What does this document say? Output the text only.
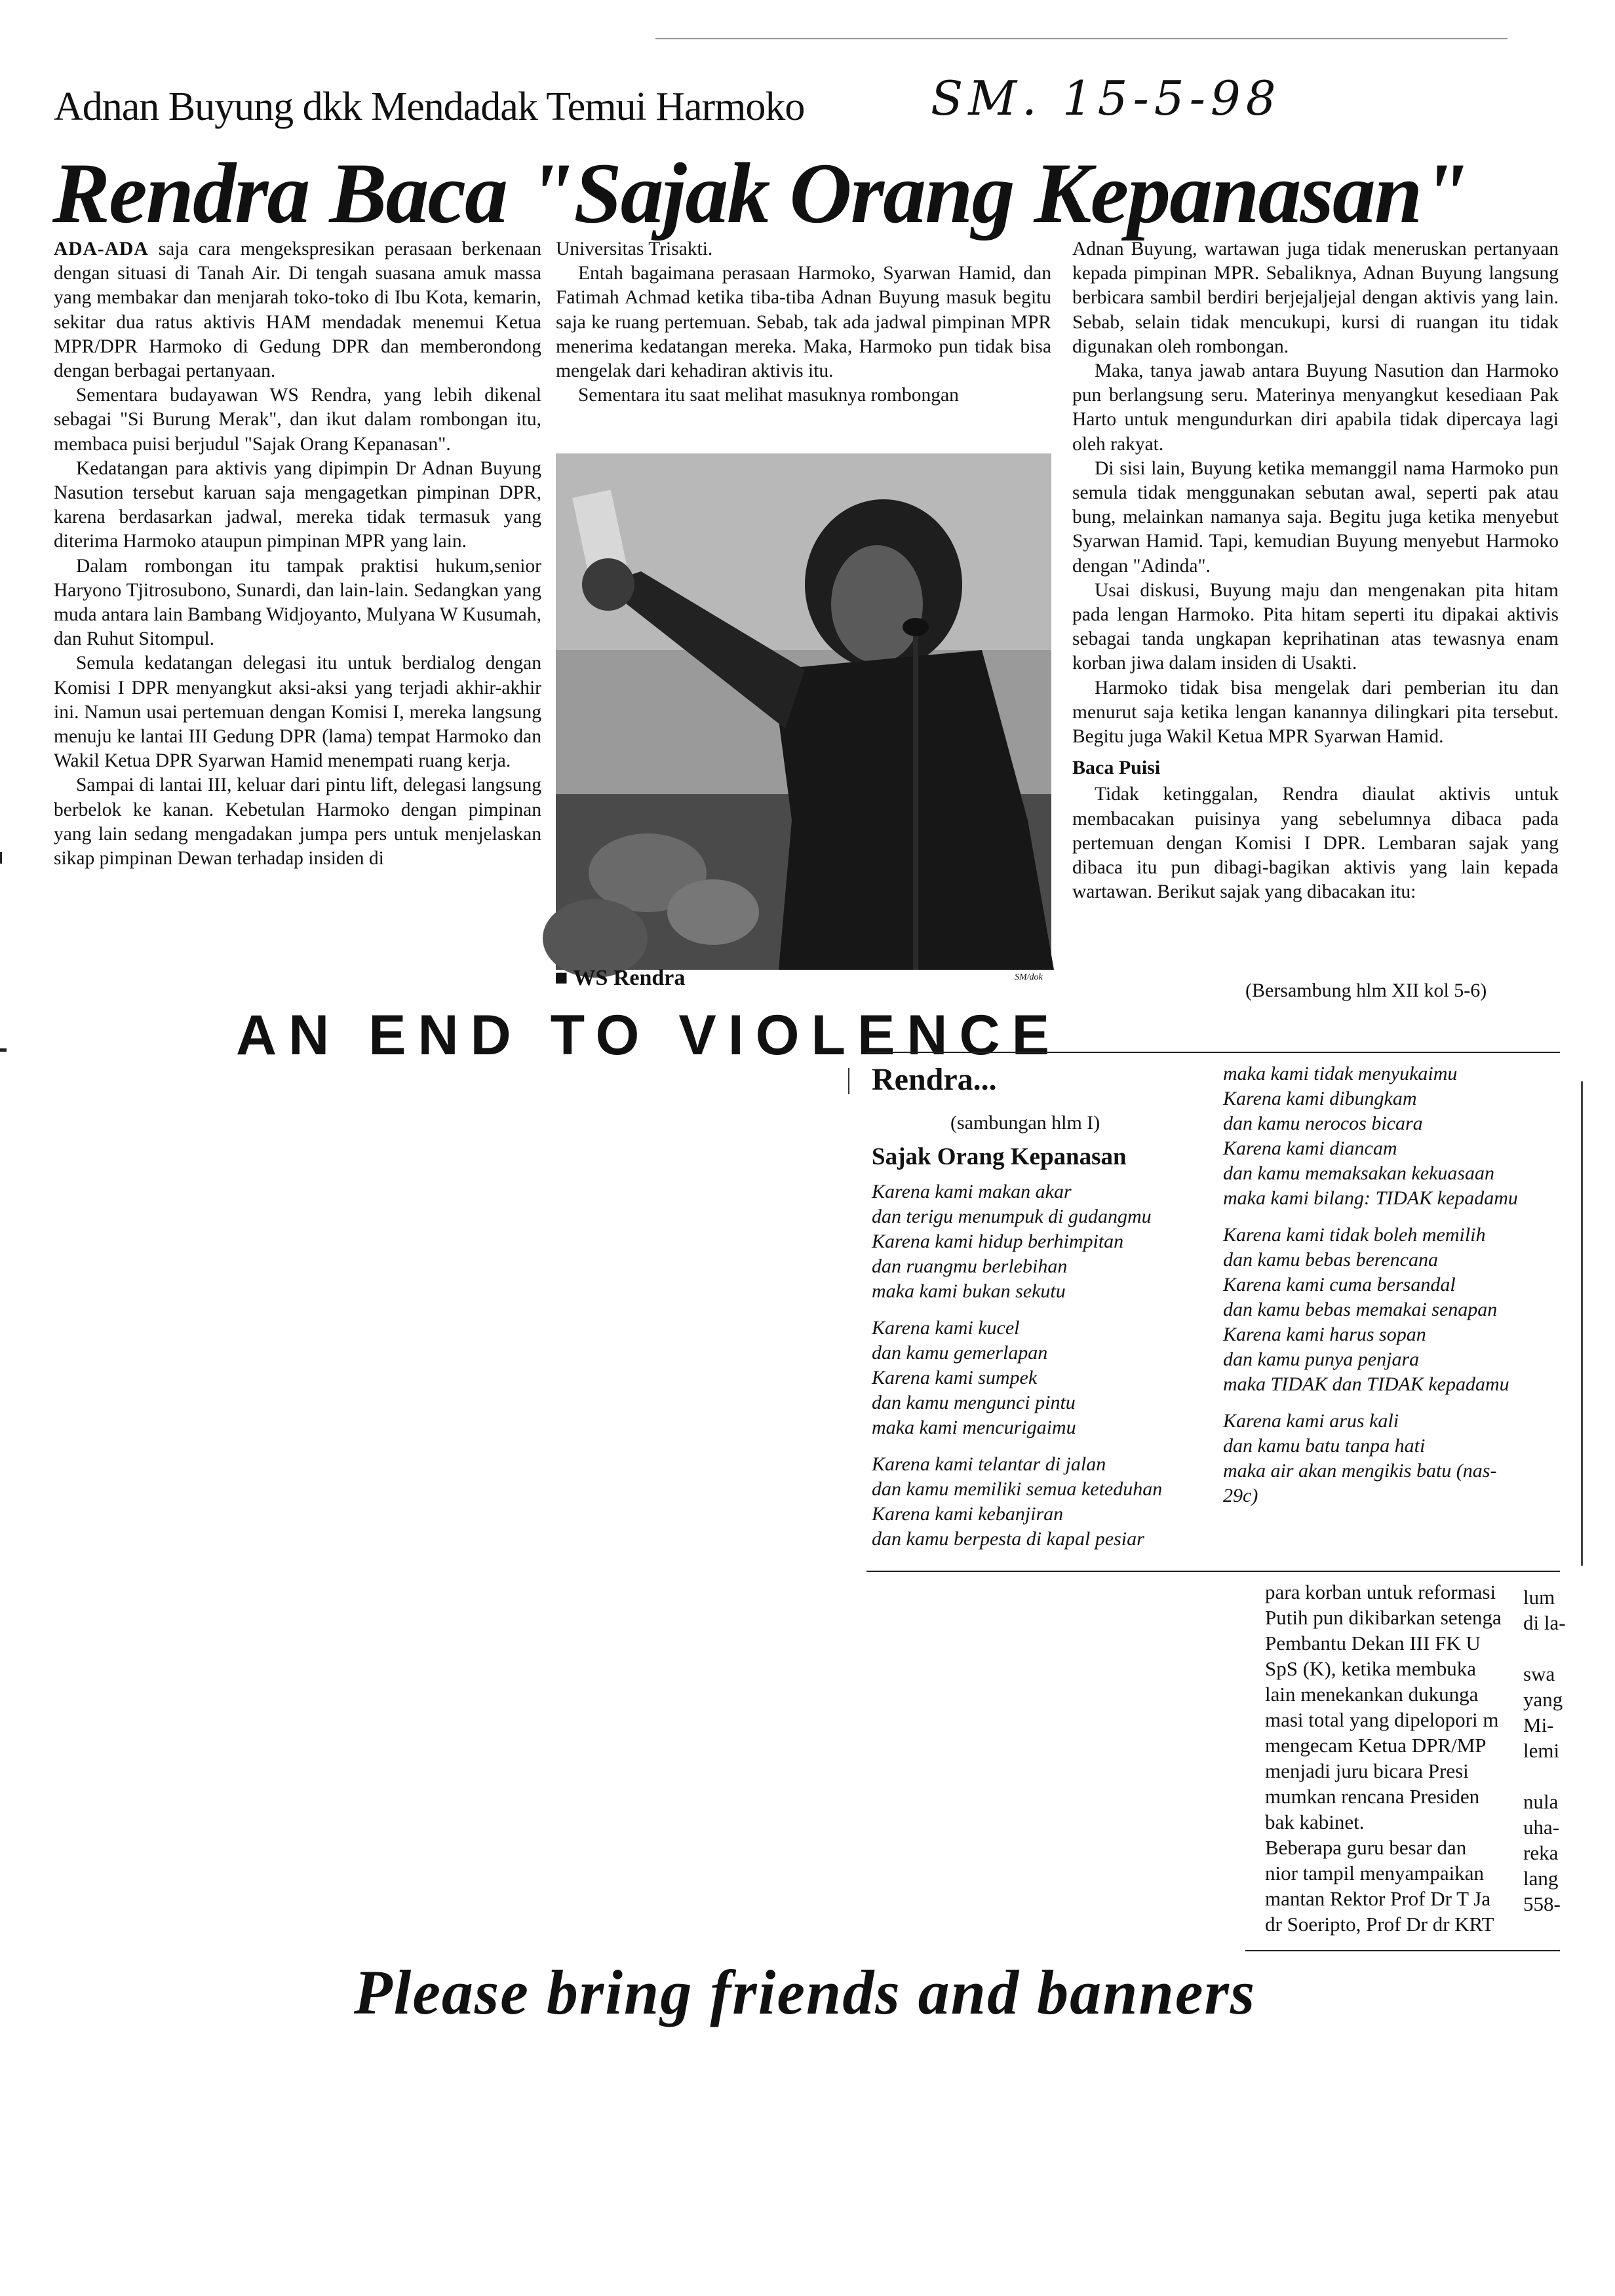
Adnan Buyung dkk Mendadak Temui Harmoko	SM. 15-5-98
Rendra Baca "Sajak Orang Kepanasan"

ADA-ADA saja cara mengekspresikan perasaan berkenaan dengan situasi di Tanah Air. Di tengah suasana amuk massa yang membakar dan menjarah toko-toko di Ibu Kota, kemarin, sekitar dua ratus aktivis HAM mendadak menemui Ketua MPR/DPR Harmoko di Gedung DPR dan memberondong dengan berbagai pertanyaan.

Sementara budayawan WS Rendra, yang lebih dikenal sebagai "Si Burung Merak", dan ikut dalam rombongan itu, membaca puisi berjudul "Sajak Orang Kepanasan".

Kedatangan para aktivis yang dipimpin Dr Adnan Buyung Nasution tersebut karuan saja mengagetkan pimpinan DPR, karena berdasarkan jadwal, mereka tidak termasuk yang diterima Harmoko ataupun pimpinan MPR yang lain.

Dalam rombongan itu tampak praktisi hukum,senior Haryono Tjitrosubono, Sunardi, dan lain-lain. Sedangkan yang muda antara lain Bambang Widjoyanto, Mulyana W Kusumah, dan Ruhut Sitompul.

Semula kedatangan delegasi itu untuk berdialog dengan Komisi I DPR menyangkut aksi-aksi yang terjadi akhir-akhir ini. Namun usai pertemuan dengan Komisi I, mereka langsung menuju ke lantai III Gedung DPR (lama) tempat Harmoko dan Wakil Ketua DPR Syarwan Hamid menempati ruang kerja.

Sampai di lantai III, keluar dari pintu lift, delegasi langsung berbelok ke kanan. Kebetulan Harmoko dengan pimpinan yang lain sedang mengadakan jumpa pers untuk menjelaskan sikap pimpinan Dewan terhadap insiden di

Universitas Trisakti.

Entah bagaimana perasaan Harmoko, Syarwan Hamid, dan Fatimah Achmad ketika tiba-tiba Adnan Buyung masuk begitu saja ke ruang pertemuan. Sebab, tak ada jadwal pimpinan MPR menerima kedatangan mereka. Maka, Harmoko pun tidak bisa mengelak dari kehadiran aktivis itu.

Sementara itu saat melihat masuknya rombongan

■ WS Rendra	SM/dok

Adnan Buyung, wartawan juga tidak meneruskan pertanyaan kepada pimpinan MPR. Sebaliknya, Adnan Buyung langsung berbicara sambil berdiri berjejaljejal dengan aktivis yang lain. Sebab, selain tidak mencukupi, kursi di ruangan itu tidak digunakan oleh rombongan.

Maka, tanya jawab antara Buyung Nasution dan Harmoko pun berlangsung seru. Materinya menyangkut kesediaan Pak Harto untuk mengundurkan diri apabila tidak dipercaya lagi oleh rakyat.

Di sisi lain, Buyung ketika memanggil nama Harmoko pun semula tidak menggunakan sebutan awal, seperti pak atau bung, melainkan namanya saja. Begitu juga ketika menyebut Syarwan Hamid. Tapi, kemudian Buyung menyebut Harmoko dengan "Adinda".

Usai diskusi, Buyung maju dan mengenakan pita hitam pada lengan Harmoko. Pita hitam seperti itu dipakai aktivis sebagai tanda ungkapan keprihatinan atas tewasnya enam korban jiwa dalam insiden di Usakti.

Harmoko tidak bisa mengelak dari pemberian itu dan menurut saja ketika lengan kanannya dilingkari pita tersebut. Begitu juga Wakil Ketua MPR Syarwan Hamid.

Baca Puisi

Tidak ketinggalan, Rendra diaulat aktivis untuk membacakan puisinya yang sebelumnya dibaca pada pertemuan dengan Komisi I DPR. Lembaran sajak yang dibaca itu pun dibagi-bagikan aktivis yang lain kepada wartawan. Berikut sajak yang dibacakan itu:

(Bersambung hlm XII kol 5-6)
AN END TO VIOLENCE
Rendra...
(sambungan hlm I)
Sajak Orang Kepanasan
Karena kami makan akar
dan terigu menumpuk di gudangmu
Karena kami hidup berhimpitan
dan ruangmu berlebihan
maka kami bukan sekutu
Karena kami kucel
dan kamu gemerlapan
Karena kami sumpek
dan kamu mengunci pintu
maka kami mencurigaimu
Karena kami telantar di jalan
dan kamu memiliki semua keteduhan
Karena kami kebanjiran
dan kamu berpesta di kapal pesiar
maka kami tidak menyukaimu
Karena kami dibungkam
dan kamu nerocos bicara
Karena kami diancam
dan kamu memaksakan kekuasaan
maka kami bilang: TIDAK kepadamu
Karena kami tidak boleh memilih
dan kamu bebas berencana
Karena kami cuma bersandal
dan kamu bebas memakai senapan
Karena kami harus sopan
dan kamu punya penjara
maka TIDAK dan TIDAK kepadamu
Karena kami arus kali
dan kamu batu tanpa hati
maka air akan mengikis batu (nas-
29c)
para korban untuk reformasi
Putih pun dikibarkan setenga
Pembantu Dekan III FK U
SpS (K), ketika membuka
lain menekankan dukunga
masi total yang dipelopori m
mengecam Ketua DPR/MP
menjadi juru bicara Presi
mumkan rencana Presiden
bak kabinet.
Beberapa guru besar dan
nior tampil menyampaikan
mantan Rektor Prof Dr T Ja
dr Soeripto, Prof Dr dr KRT
lum
di la-

swa
yang
Mi-
lemi

nula
uha-
reka
lang
558-
Please bring friends and banners
